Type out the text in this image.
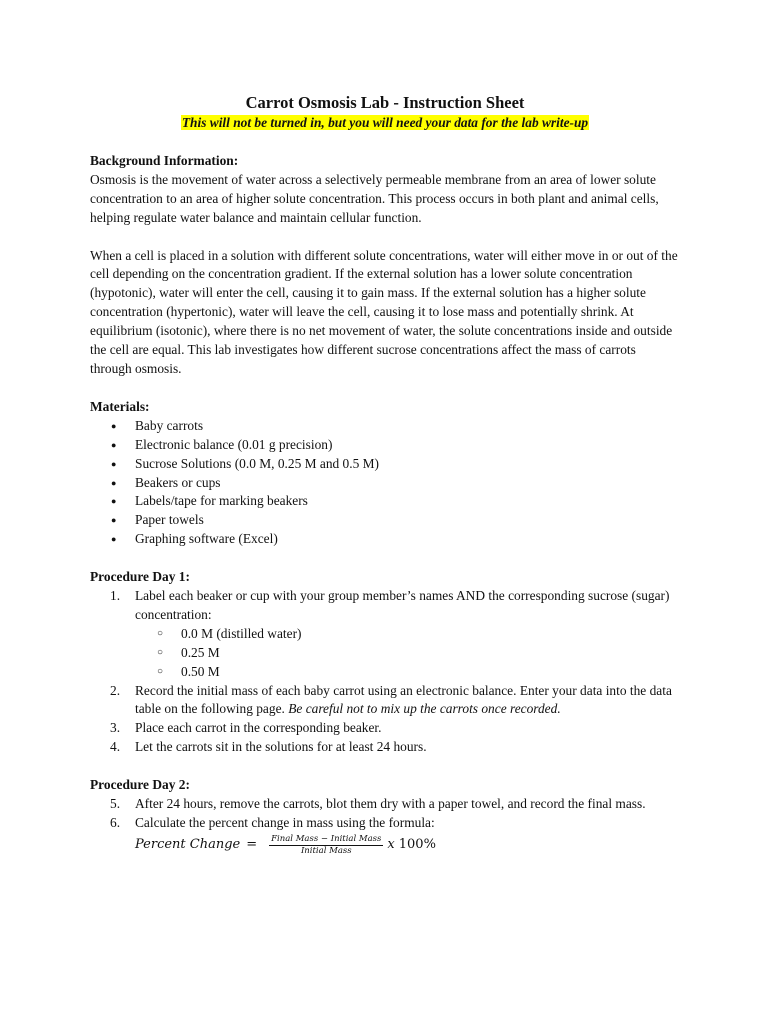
Carrot Osmosis Lab - Instruction Sheet
This will not be turned in, but you will need your data for the lab write-up
Background Information:

Osmosis is the movement of water across a selectively permeable membrane from an area of lower solute concentration to an area of higher solute concentration. This process occurs in both plant and animal cells, helping regulate water balance and maintain cellular function.

When a cell is placed in a solution with different solute concentrations, water will either move in or out of the cell depending on the concentration gradient. If the external solution has a lower solute concentration (hypotonic), water will enter the cell, causing it to gain mass. If the external solution has a higher solute concentration (hypertonic), water will leave the cell, causing it to lose mass and potentially shrink. At equilibrium (isotonic), where there is no net movement of water, the solute concentrations inside and outside the cell are equal. This lab investigates how different sucrose concentrations affect the mass of carrots through osmosis.

Materials:
● Baby carrots
● Electronic balance (0.01 g precision)
● Sucrose Solutions (0.0 M, 0.25 M and 0.5 M)
● Beakers or cups
● Labels/tape for marking beakers
● Paper towels
● Graphing software (Excel)
Procedure Day 1:
1. Label each beaker or cup with your group member’s names AND the corresponding sucrose (sugar) concentration:
○ 0.0 M (distilled water)
○ 0.25 M
○ 0.50 M
2. Record the initial mass of each baby carrot using an electronic balance. Enter your data into the data table on the following page. Be careful not to mix up the carrots once recorded.
3. Place each carrot in the corresponding beaker.
4. Let the carrots sit in the solutions for at least 24 hours.
Procedure Day 2:
5. After 24 hours, remove the carrots, blot them dry with a paper towel, and record the final mass.
6. Calculate the percent change in mass using the formula:
Percent Change = $\frac{\text{Final Mass − Initial Mass}}{\text{Initial Mass}}$ x 100%
